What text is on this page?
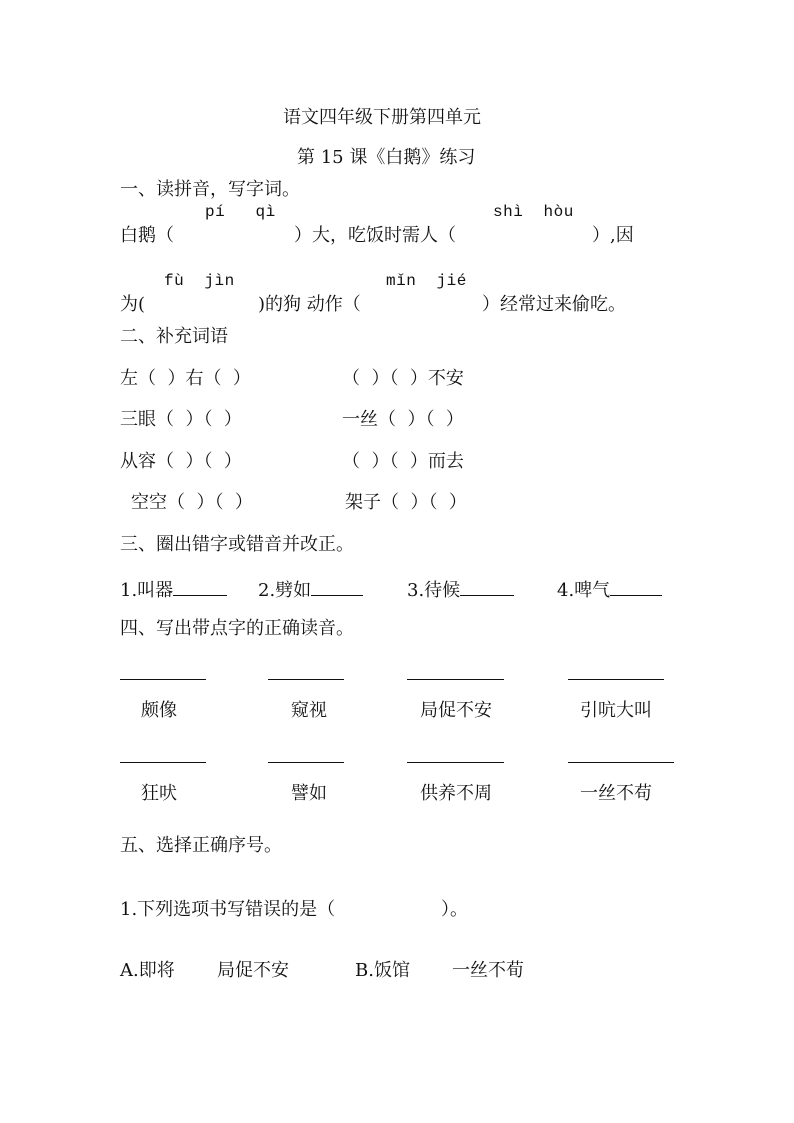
语文四年级下册第四单元
第 15 课《白鹅》练习
一、读拼音，写字词。
pí   qì	shì  hòu
白鹅（	）大，吃饭时需人（	）,因
fù  jìn	mǐn  jié
为(	)的狗 动作（	）经常过来偷吃。
二、补充词语
左（  ）右（  ）	（  ）（  ）不安
三眼（  ）（  ）	一丝（  ）（  ）
从容（  ）（  ）	（  ）（  ）而去
空空（  ）（  ）	架子（  ）（  ）
三、圈出错字或错音并改正。
1.叫器	2.劈如	3.待候	4.啤气
四、写出带点字的正确读音。
颇像	窥视	局促不安	引吭大叫
狂吠	譬如	供养不周	一丝不苟
五、选择正确序号。
1.下列选项书写错误的是（	）。
A.即将 局促不安	B.饭馆 一丝不荀
